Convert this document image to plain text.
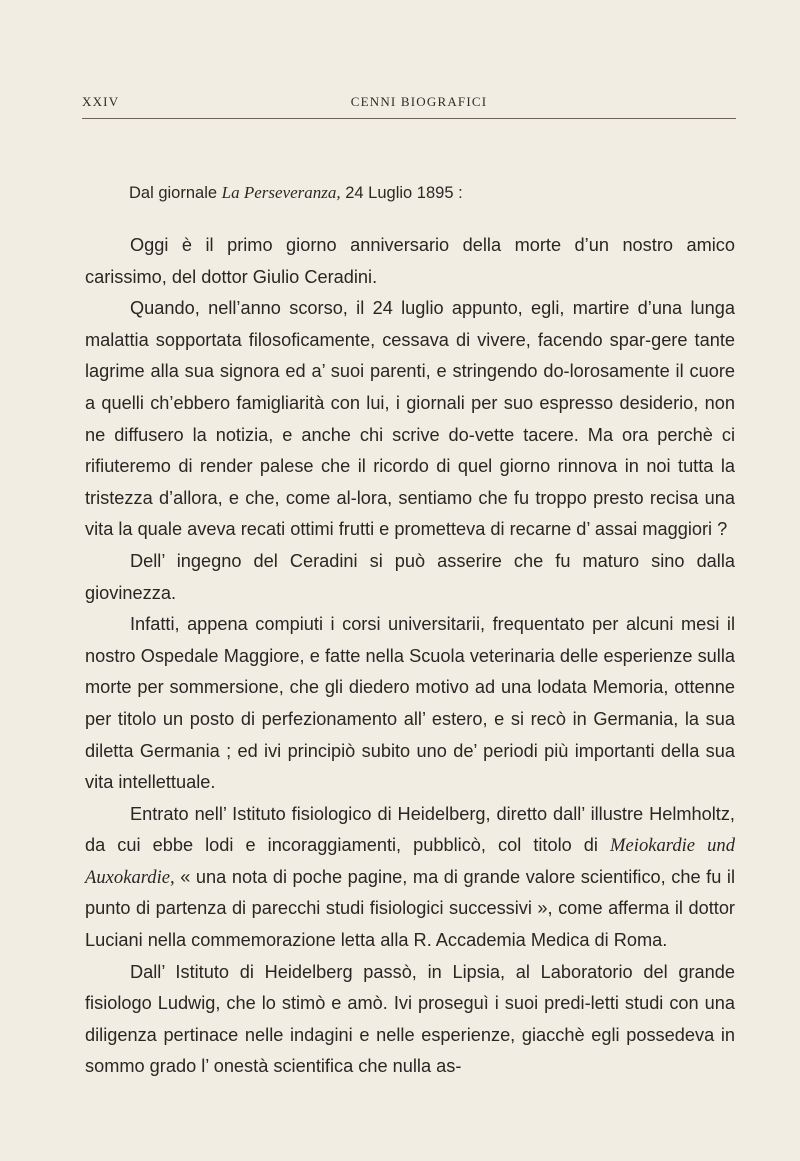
XXIV	CENNI BIOGRAFICI
Dal giornale La Perseveranza, 24 Luglio 1895 :

Oggi è il primo giorno anniversario della morte d’un nostro amico carissimo, del dottor Giulio Ceradini.

Quando, nell’anno scorso, il 24 luglio appunto, egli, martire d’una lunga malattia sopportata filosoficamente, cessava di vivere, facendo spar-gere tante lagrime alla sua signora ed a’ suoi parenti, e stringendo do-lorosamente il cuore a quelli ch’ebbero famigliarità con lui, i giornali per suo espresso desiderio, non ne diffusero la notizia, e anche chi scrive do-vette tacere. Ma ora perchè ci rifiuteremo di render palese che il ricordo di quel giorno rinnova in noi tutta la tristezza d’allora, e che, come al-lora, sentiamo che fu troppo presto recisa una vita la quale aveva recati ottimi frutti e prometteva di recarne d’ assai maggiori ?

Dell’ ingegno del Ceradini si può asserire che fu maturo sino dalla giovinezza.

Infatti, appena compiuti i corsi universitarii, frequentato per alcuni mesi il nostro Ospedale Maggiore, e fatte nella Scuola veterinaria delle esperienze sulla morte per sommersione, che gli diedero motivo ad una lodata Memoria, ottenne per titolo un posto di perfezionamento all’ estero, e si recò in Germania, la sua diletta Germania ; ed ivi principiò subito uno de’ periodi più importanti della sua vita intellettuale.

Entrato nell’ Istituto fisiologico di Heidelberg, diretto dall’ illustre Helmholtz, da cui ebbe lodi e incoraggiamenti, pubblicò, col titolo di Meiokardie und Auxokardie, « una nota di poche pagine, ma di grande valore scientifico, che fu il punto di partenza di parecchi studi fisiologici successivi », come afferma il dottor Luciani nella commemorazione letta alla R. Accademia Medica di Roma.

Dall’ Istituto di Heidelberg passò, in Lipsia, al Laboratorio del grande fisiologo Ludwig, che lo stimò e amò. Ivi proseguì i suoi predi-letti studi con una diligenza pertinace nelle indagini e nelle esperienze, giacchè egli possedeva in sommo grado l’ onestà scientifica che nulla as-
